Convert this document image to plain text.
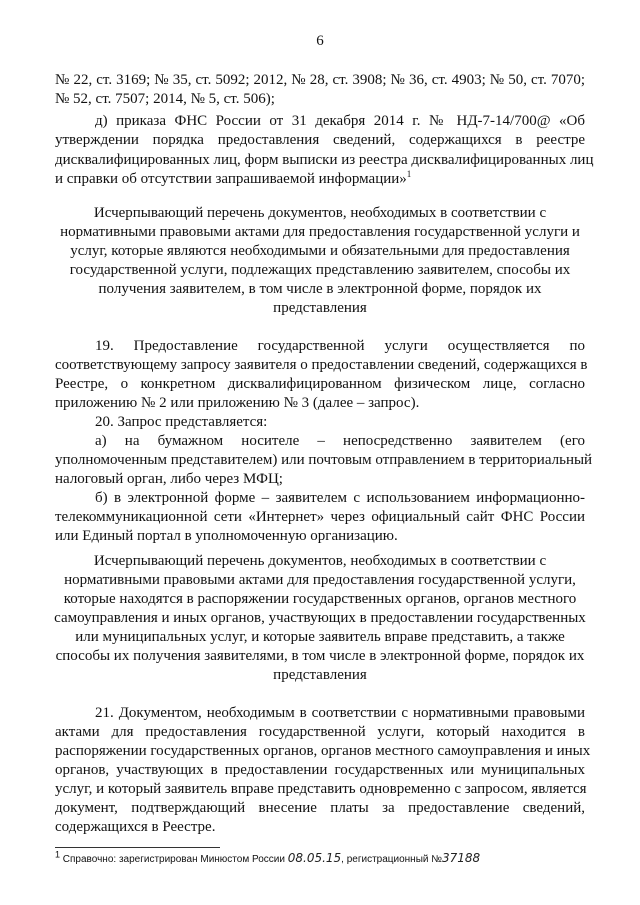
6
№ 22, ст. 3169; № 35, ст. 5092; 2012, № 28, ст. 3908; № 36, ст. 4903; № 50, ст. 7070;
№ 52, ст. 7507; 2014, № 5, ст. 506);
д) приказа ФНС России от 31 декабря 2014 г. № НД-7-14/700@ «Об
утверждении порядка предоставления сведений, содержащихся в реестре
дисквалифицированных лиц, форм выписки из реестра дисквалифицированных лиц
и справки об отсутствии запрашиваемой информации»$^1$
Исчерпывающий перечень документов, необходимых в соответствии с
нормативными правовыми актами для предоставления государственной услуги и
услуг, которые являются необходимыми и обязательными для предоставления
государственной услуги, подлежащих представлению заявителем, способы их
получения заявителем, в том числе в электронной форме, порядок их
представления
19. Предоставление государственной услуги осуществляется по
соответствующему запросу заявителя о предоставлении сведений, содержащихся в
Реестре, о конкретном дисквалифицированном физическом лице, согласно
приложению № 2 или приложению № 3 (далее – запрос).
20. Запрос представляется:
а) на бумажном носителе – непосредственно заявителем (его
уполномоченным представителем) или почтовым отправлением в территориальный
налоговый орган, либо через МФЦ;
б) в электронной форме – заявителем с использованием информационно-
телекоммуникационной сети «Интернет» через официальный сайт ФНС России
или Единый портал в уполномоченную организацию.
Исчерпывающий перечень документов, необходимых в соответствии с
нормативными правовыми актами для предоставления государственной услуги,
которые находятся в распоряжении государственных органов, органов местного
самоуправления и иных органов, участвующих в предоставлении государственных
или муниципальных услуг, и которые заявитель вправе представить, а также
способы их получения заявителями, в том числе в электронной форме, порядок их
представления
21. Документом, необходимым в соответствии с нормативными правовыми
актами для предоставления государственной услуги, который находится в
распоряжении государственных органов, органов местного самоуправления и иных
органов, участвующих в предоставлении государственных или муниципальных
услуг, и который заявитель вправе представить одновременно с запросом, является
документ, подтверждающий внесение платы за предоставление сведений,
содержащихся в Реестре.
$^1$ Справочно: зарегистрирован Минюстом России 08.05.15, регистрационный №37188
